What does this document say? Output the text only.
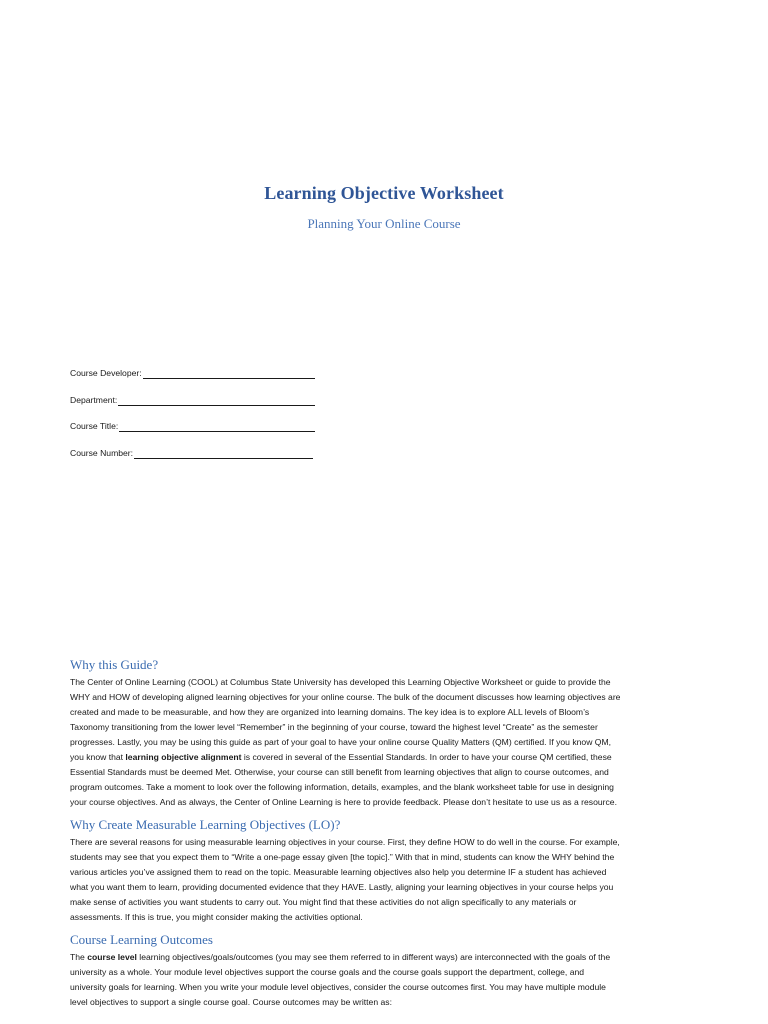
Learning Objective Worksheet
Planning Your Online Course
Course Developer:
Department:
Course Title:
Course Number:
Why this Guide?
The Center of Online Learning (COOL) at Columbus State University has developed this Learning Objective Worksheet or guide to provide the
WHY and HOW of developing aligned learning objectives for your online course. The bulk of the document discusses how learning objectives are
created and made to be measurable, and how they are organized into learning domains. The key idea is to explore ALL levels of Bloom’s
Taxonomy transitioning from the lower level “Remember” in the beginning of your course, toward the highest level “Create” as the semester
progresses. Lastly, you may be using this guide as part of your goal to have your online course Quality Matters (QM) certified. If you know QM,
you know that learning objective alignment is covered in several of the Essential Standards. In order to have your course QM certified, these
Essential Standards must be deemed Met. Otherwise, your course can still benefit from learning objectives that align to course outcomes, and
program outcomes. Take a moment to look over the following information, details, examples, and the blank worksheet table for use in designing
your course objectives. And as always, the Center of Online Learning is here to provide feedback. Please don’t hesitate to use us as a resource.
Why Create Measurable Learning Objectives (LO)?
There are several reasons for using measurable learning objectives in your course. First, they define HOW to do well in the course. For example,
students may see that you expect them to “Write a one-page essay given [the topic].” With that in mind, students can know the WHY behind the
various articles you’ve assigned them to read on the topic. Measurable learning objectives also help you determine IF a student has achieved
what you want them to learn, providing documented evidence that they HAVE. Lastly, aligning your learning objectives in your course helps you
make sense of activities you want students to carry out. You might find that these activities do not align specifically to any materials or
assessments. If this is true, you might consider making the activities optional.
Course Learning Outcomes
The course level learning objectives/goals/outcomes (you may see them referred to in different ways) are interconnected with the goals of the
university as a whole. Your module level objectives support the course goals and the course goals support the department, college, and
university goals for learning. When you write your module level objectives, consider the course outcomes first. You may have multiple module
level objectives to support a single course goal. Course outcomes may be written as:
